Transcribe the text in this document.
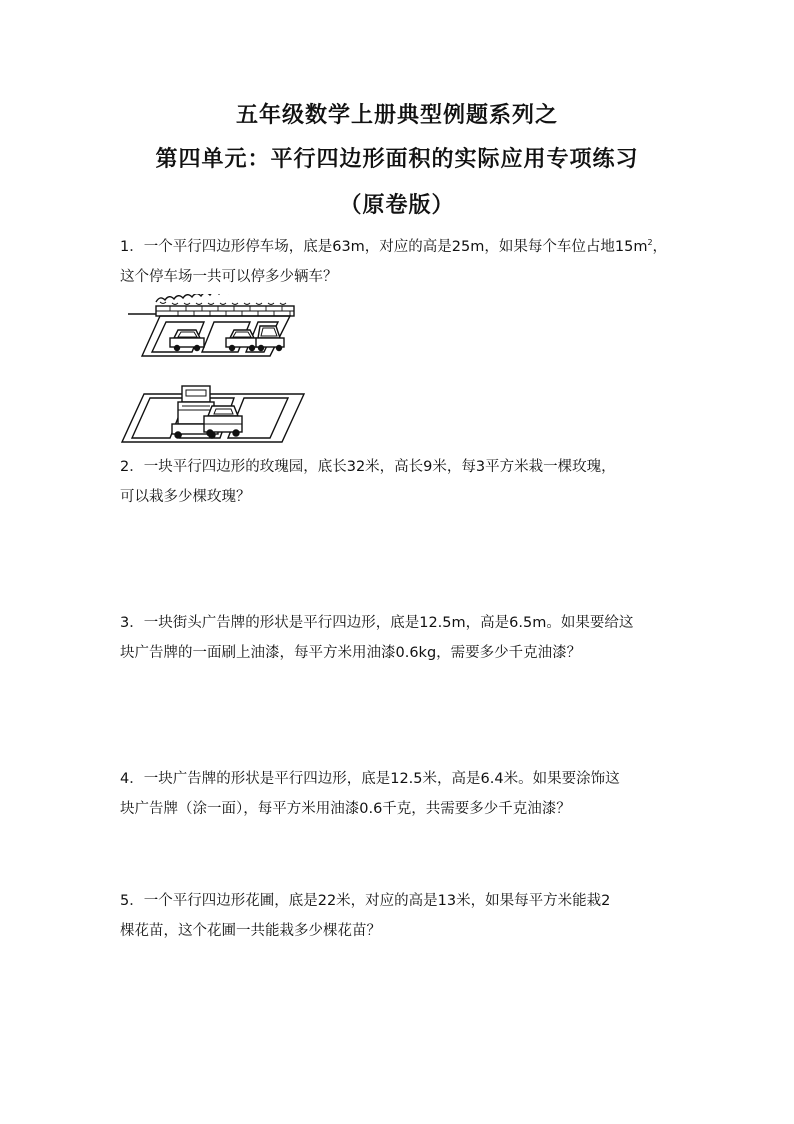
五年级数学上册典型例题系列之
第四单元：平行四边形面积的实际应用专项练习
（原卷版）

1．一个平行四边形停车场，底是63m，对应的高是25m，如果每个车位占地$15m^2$，

这个停车场一共可以停多少辆车？

2．一块平行四边形的玫瑰园，底长32米，高长9米，每3平方米栽一棵玫瑰，

可以栽多少棵玫瑰？

3．一块街头广告牌的形状是平行四边形，底是12.5m，高是6.5m。如果要给这

块广告牌的一面刷上油漆，每平方米用油漆0.6kg，需要多少千克油漆？

4．一块广告牌的形状是平行四边形，底是12.5米，高是6.4米。如果要涂饰这

块广告牌（涂一面），每平方米用油漆0.6千克，共需要多少千克油漆？

5．一个平行四边形花圃，底是22米，对应的高是13米，如果每平方米能栽2

棵花苗，这个花圃一共能栽多少棵花苗？
